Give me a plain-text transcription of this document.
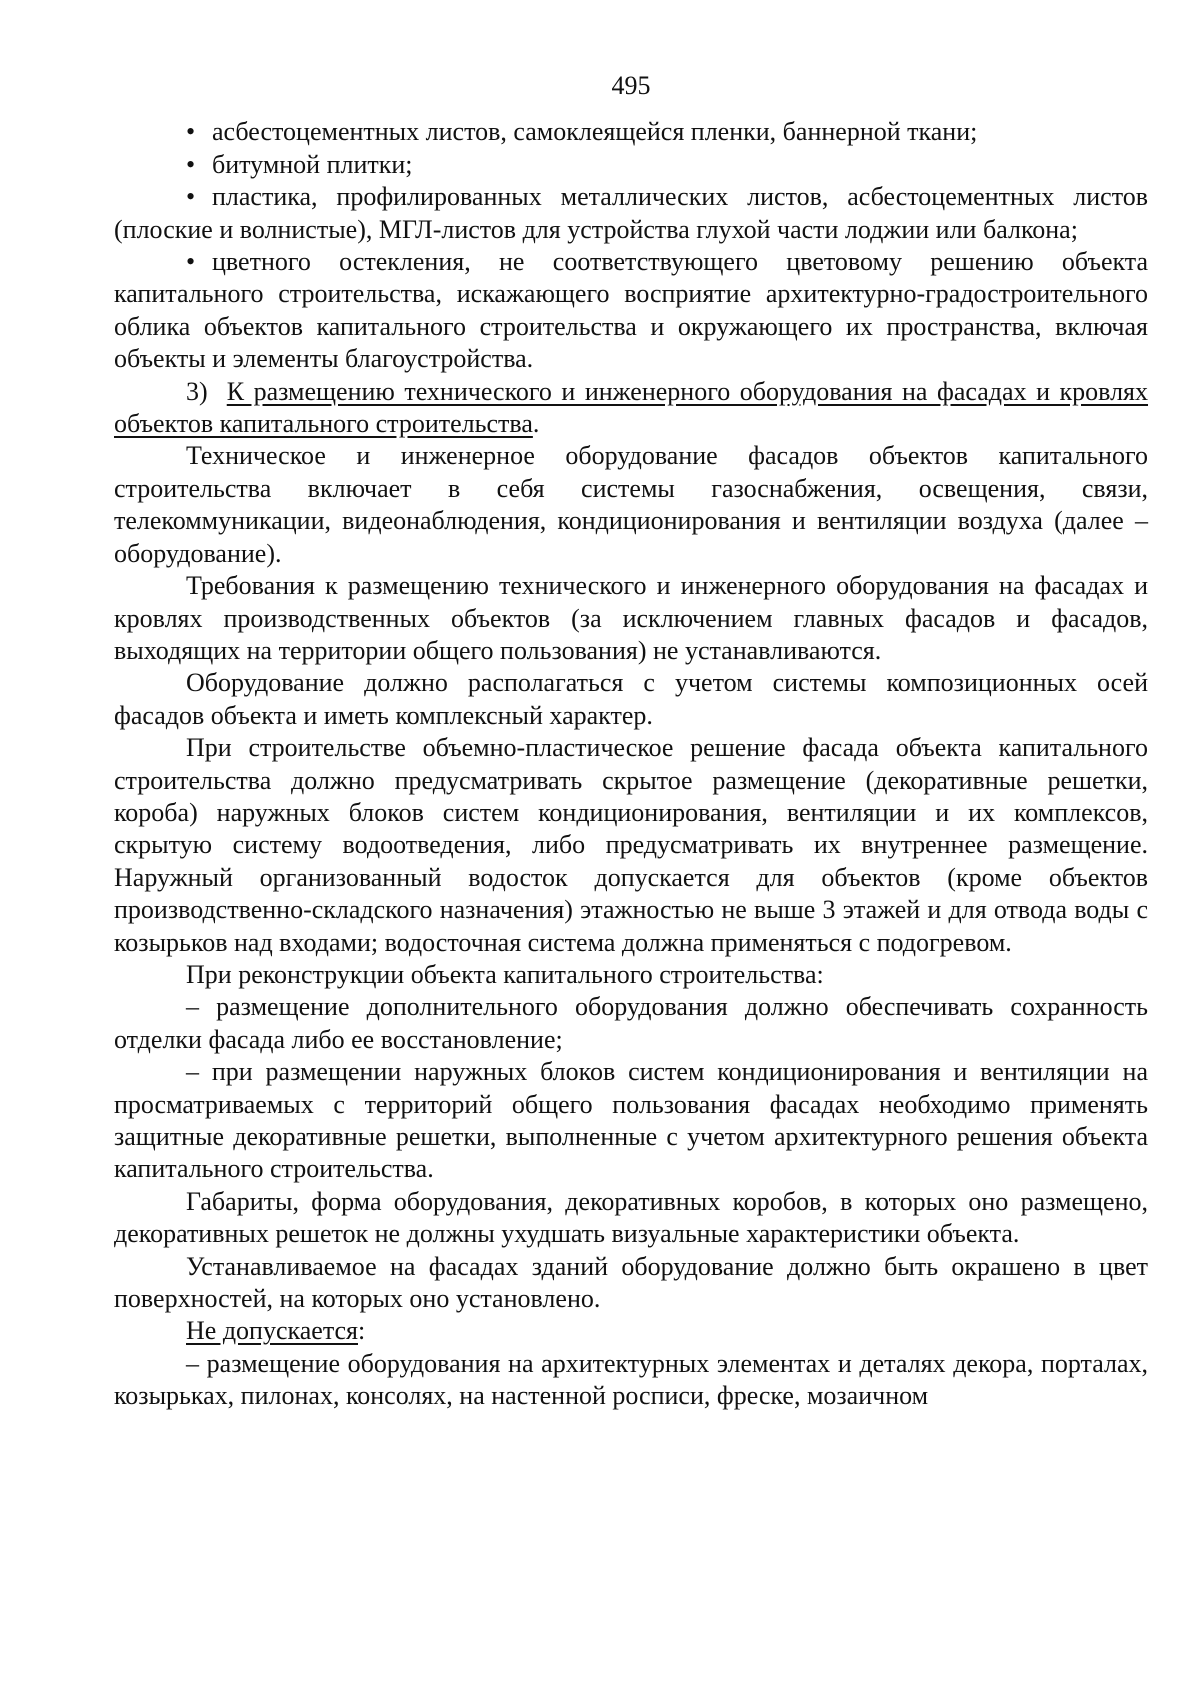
495

• асбестоцементных листов, самоклеящейся пленки, баннерной ткани;

• битумной плитки;

• пластика, профилированных металлических листов, асбестоцементных листов (плоские и волнистые), МГЛ-листов для устройства глухой части лоджии или балкона;

• цветного остекления, не соответствующего цветовому решению объекта капитального строительства, искажающего восприятие архитектурно-градостроительного облика объектов капитального строительства и окружающего их пространства, включая объекты и элементы благоустройства.

3) К размещению технического и инженерного оборудования на фасадах и кровлях объектов капитального строительства.

Техническое и инженерное оборудование фасадов объектов капитального строительства включает в себя системы газоснабжения, освещения, связи, телекоммуникации, видеонаблюдения, кондиционирования и вентиляции воздуха (далее – оборудование).

Требования к размещению технического и инженерного оборудования на фасадах и кровлях производственных объектов (за исключением главных фасадов и фасадов, выходящих на территории общего пользования) не устанавливаются.

Оборудование должно располагаться с учетом системы композиционных осей фасадов объекта и иметь комплексный характер.

При строительстве объемно-пластическое решение фасада объекта капитального строительства должно предусматривать скрытое размещение (декоративные решетки, короба) наружных блоков систем кондиционирования, вентиляции и их комплексов, скрытую систему водоотведения, либо предусматривать их внутреннее размещение. Наружный организованный водосток допускается для объектов (кроме объектов производственно-складского назначения) этажностью не выше 3 этажей и для отвода воды с козырьков над входами; водосточная система должна применяться с подогревом.

При реконструкции объекта капитального строительства:

– размещение дополнительного оборудования должно обеспечивать сохранность отделки фасада либо ее восстановление;

– при размещении наружных блоков систем кондиционирования и вентиляции на просматриваемых с территорий общего пользования фасадах необходимо применять защитные декоративные решетки, выполненные с учетом архитектурного решения объекта капитального строительства.

Габариты, форма оборудования, декоративных коробов, в которых оно размещено, декоративных решеток не должны ухудшать визуальные характеристики объекта.

Устанавливаемое на фасадах зданий оборудование должно быть окрашено в цвет поверхностей, на которых оно установлено.

Не допускается:

– размещение оборудования на архитектурных элементах и деталях декора, порталах, козырьках, пилонах, консолях, на настенной росписи, фреске, мозаичном
